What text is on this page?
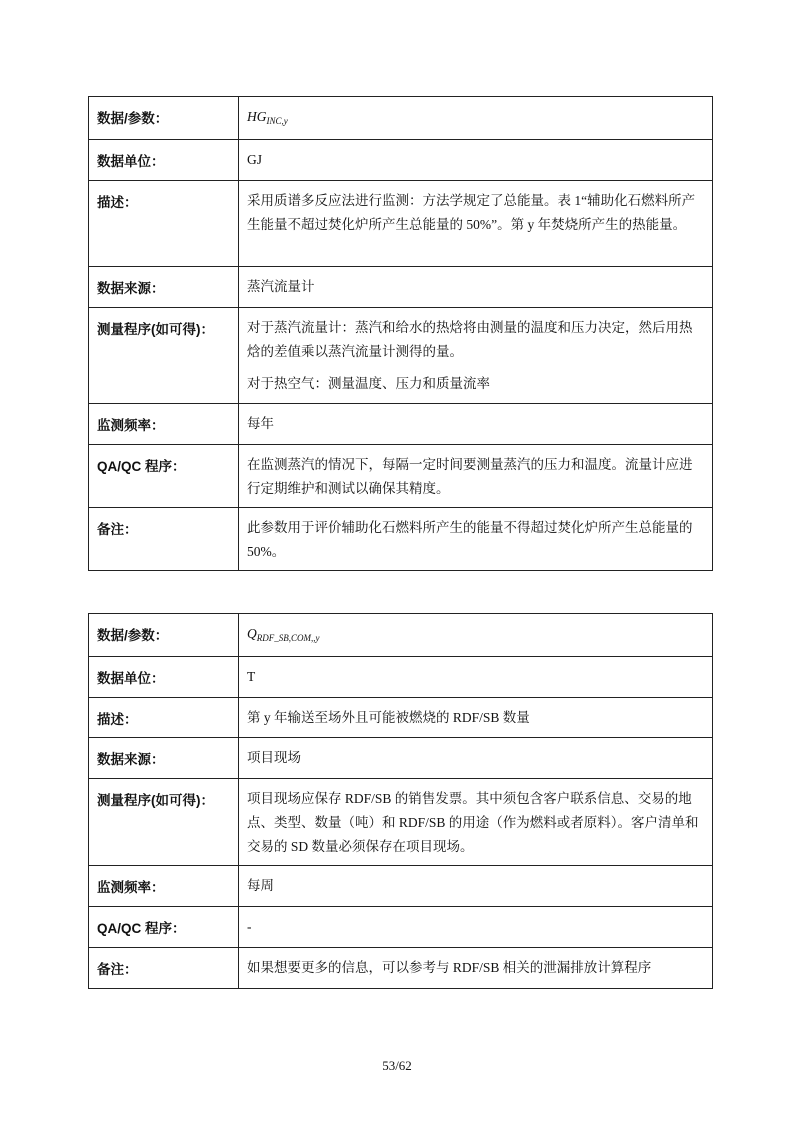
数据/参数：	$HG_{INC,y}$

数据单位：	GJ

描述：	采用质谱多反应法进行监测：方法学规定了总能量。表 1“辅助化石燃料所产生能量不超过焚化炉所产生总能量的 50%”。第 y 年焚烧所产生的热能量。

数据来源：	蒸汽流量计

测量程序(如可得)：	对于蒸汽流量计：蒸汽和给水的热焓将由测量的温度和压力决定，然后用热焓的差值乘以蒸汽流量计测得的量。

对于热空气：测量温度、压力和质量流率

监测频率：	每年

QA/QC 程序：	在监测蒸汽的情况下，每隔一定时间要测量蒸汽的压力和温度。流量计应进行定期维护和测试以确保其精度。

备注：	此参数用于评价辅助化石燃料所产生的能量不得超过焚化炉所产生总能量的 50%。

数据/参数：	$Q_{RDF\_SB,COM,,y}$

数据单位：	T

描述：	第 y 年输送至场外且可能被燃烧的 RDF/SB 数量

数据来源：	项目现场

测量程序(如可得)：	项目现场应保存 RDF/SB 的销售发票。其中须包含客户联系信息、交易的地点、类型、数量（吨）和 RDF/SB 的用途（作为燃料或者原料）。客户清单和交易的 SD 数量必须保存在项目现场。

监测频率：	每周

QA/QC 程序：	-

备注：	如果想要更多的信息，可以参考与 RDF/SB 相关的泄漏排放计算程序

53/62
